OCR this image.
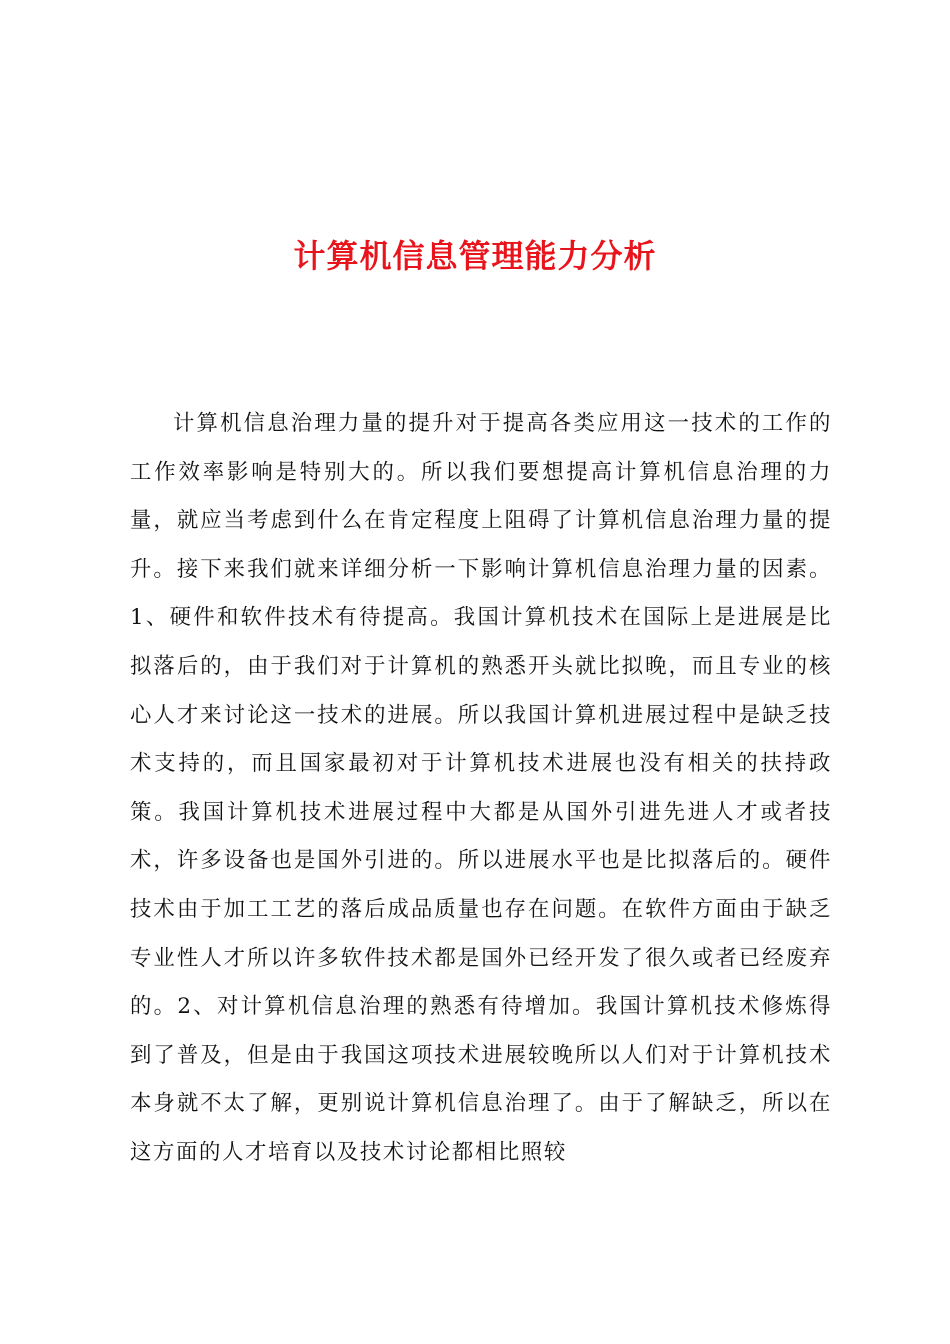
计算机信息管理能力分析

计算机信息治理力量的提升对于提高各类应用这一技术的工作的工作效率影响是特别大的。所以我们要想提高计算机信息治理的力量，就应当考虑到什么在肯定程度上阻碍了计算机信息治理力量的提升。接下来我们就来详细分析一下影响计算机信息治理力量的因素。1、硬件和软件技术有待提高。我国计算机技术在国际上是进展是比拟落后的，由于我们对于计算机的熟悉开头就比拟晚，而且专业的核心人才来讨论这一技术的进展。所以我国计算机进展过程中是缺乏技术支持的，而且国家最初对于计算机技术进展也没有相关的扶持政策。我国计算机技术进展过程中大都是从国外引进先进人才或者技术，许多设备也是国外引进的。所以进展水平也是比拟落后的。硬件技术由于加工工艺的落后成品质量也存在问题。在软件方面由于缺乏专业性人才所以许多软件技术都是国外已经开发了很久或者已经废弃的。2、对计算机信息治理的熟悉有待增加。我国计算机技术修炼得到了普及，但是由于我国这项技术进展较晚所以人们对于计算机技术本身就不太了解，更别说计算机信息治理了。由于了解缺乏，所以在这方面的人才培育以及技术讨论都相比照较
